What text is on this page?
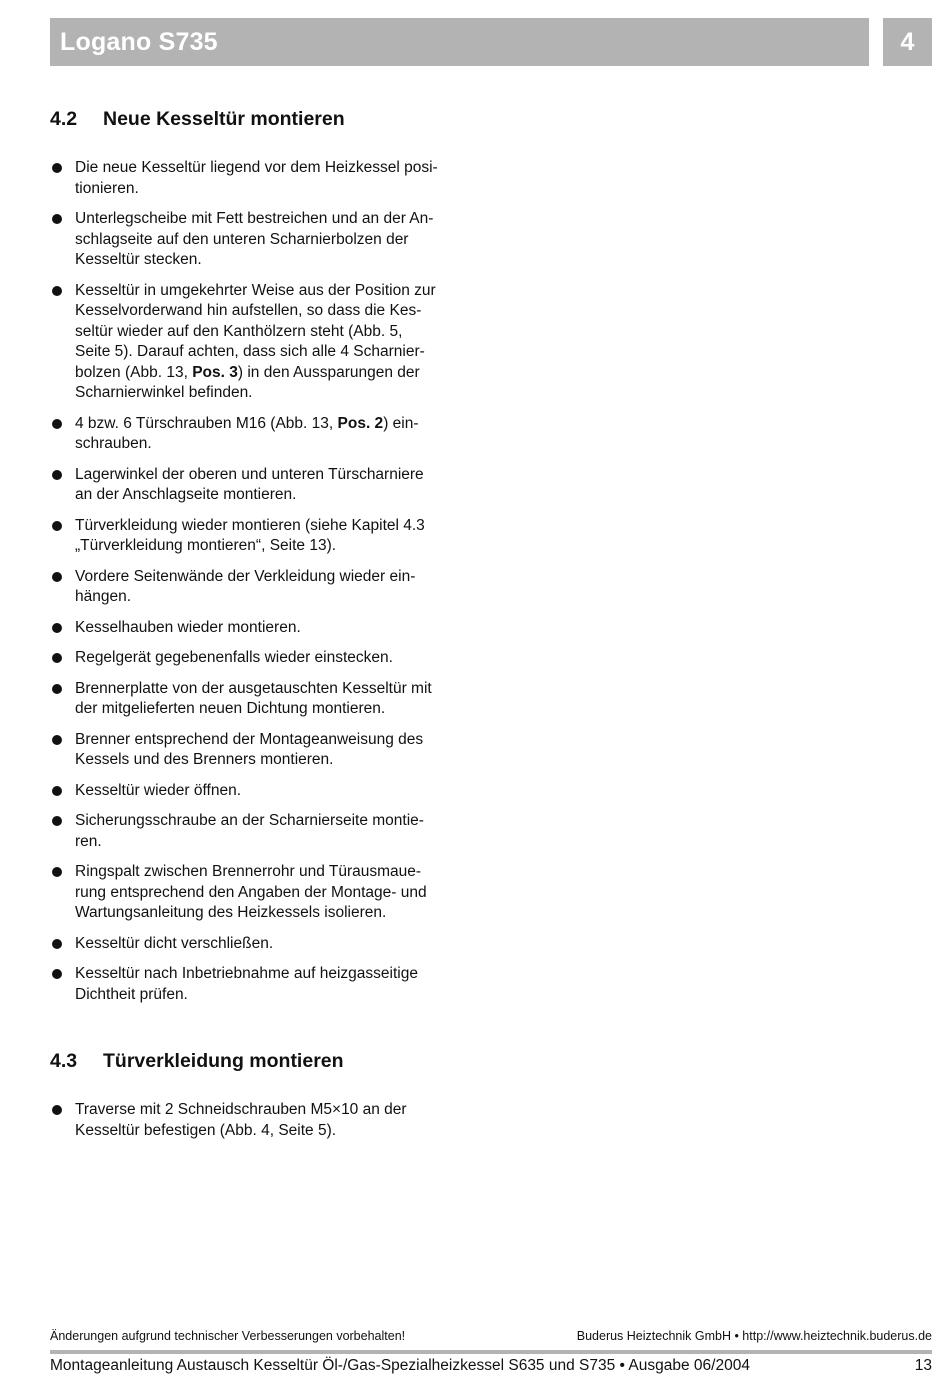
Logano S735	4
4.2 Neue Kesseltür montieren
Die neue Kesseltür liegend vor dem Heizkessel posi-
tionieren.
Unterlegscheibe mit Fett bestreichen und an der An-
schlagseite auf den unteren Scharnierbolzen der
Kesseltür stecken.
Kesseltür in umgekehrter Weise aus der Position zur
Kesselvorderwand hin aufstellen, so dass die Kes-
seltür wieder auf den Kanthölzern steht (Abb. 5,
Seite 5). Darauf achten, dass sich alle 4 Scharnier-
bolzen (Abb. 13, Pos. 3) in den Aussparungen der
Scharnierwinkel befinden.
4 bzw. 6 Türschrauben M16 (Abb. 13, Pos. 2) ein-
schrauben.
Lagerwinkel der oberen und unteren Türscharniere
an der Anschlagseite montieren.
Türverkleidung wieder montieren (siehe Kapitel 4.3
„Türverkleidung montieren“, Seite 13).
Vordere Seitenwände der Verkleidung wieder ein-
hängen.
Kesselhauben wieder montieren.
Regelgerät gegebenenfalls wieder einstecken.
Brennerplatte von der ausgetauschten Kesseltür mit
der mitgelieferten neuen Dichtung montieren.
Brenner entsprechend der Montageanweisung des
Kessels und des Brenners montieren.
Kesseltür wieder öffnen.
Sicherungsschraube an der Scharnierseite montie-
ren.
Ringspalt zwischen Brennerrohr und Türausmaue-
rung entsprechend den Angaben der Montage- und
Wartungsanleitung des Heizkessels isolieren.
Kesseltür dicht verschließen.
Kesseltür nach Inbetriebnahme auf heizgasseitige
Dichtheit prüfen.
4.3 Türverkleidung montieren
Traverse mit 2 Schneidschrauben M5×10 an der
Kesseltür befestigen (Abb. 4, Seite 5).
Änderungen aufgrund technischer Verbesserungen vorbehalten!	Buderus Heiztechnik GmbH • http://www.heiztechnik.buderus.de
Montageanleitung Austausch Kesseltür Öl-/Gas-Spezialheizkessel S635 und S735 • Ausgabe 06/2004	13
